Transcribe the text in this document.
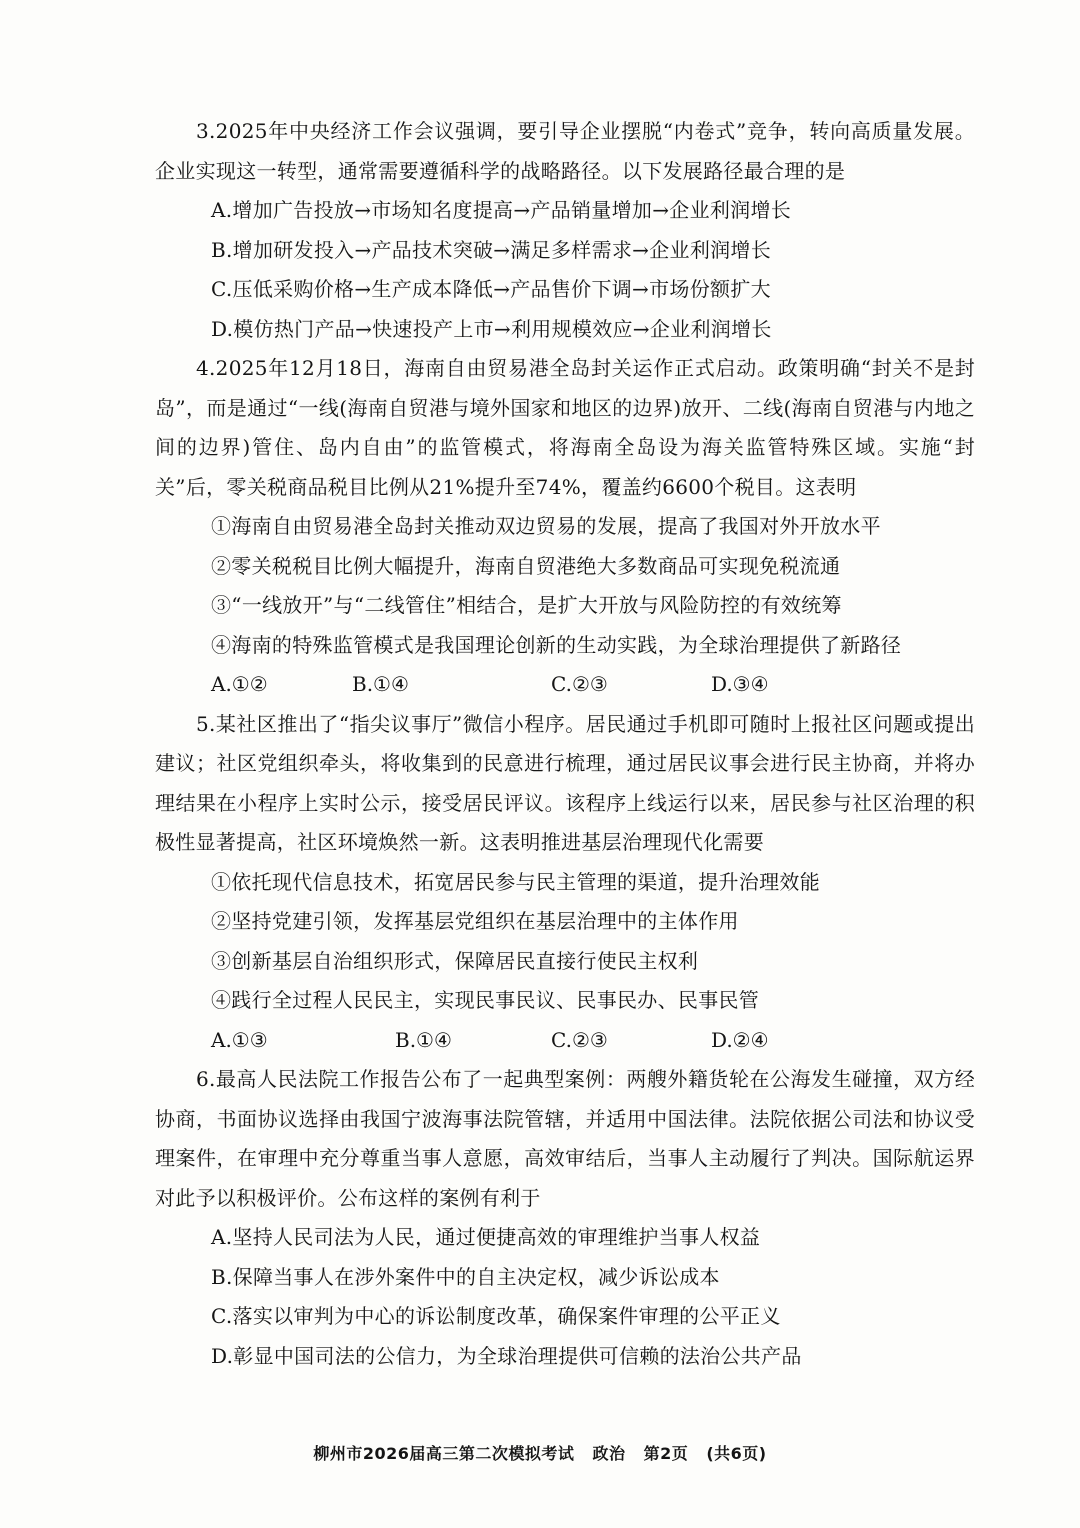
3.2025年中央经济工作会议强调，要引导企业摆脱“内卷式”竞争，转向高质量发展。企业实现这一转型，通常需要遵循科学的战略路径。以下发展路径最合理的是

A.增加广告投放→市场知名度提高→产品销量增加→企业利润增长

B.增加研发投入→产品技术突破→满足多样需求→企业利润增长

C.压低采购价格→生产成本降低→产品售价下调→市场份额扩大

D.模仿热门产品→快速投产上市→利用规模效应→企业利润增长

4.2025年12月18日，海南自由贸易港全岛封关运作正式启动。政策明确“封关不是封岛”，而是通过“一线(海南自贸港与境外国家和地区的边界)放开、二线(海南自贸港与内地之间的边界)管住、岛内自由”的监管模式，将海南全岛设为海关监管特殊区域。实施“封关”后，零关税商品税目比例从21%提升至74%，覆盖约6600个税目。这表明

①海南自由贸易港全岛封关推动双边贸易的发展，提高了我国对外开放水平

②零关税税目比例大幅提升，海南自贸港绝大多数商品可实现免税流通

③“一线放开”与“二线管住”相结合，是扩大开放与风险防控的有效统筹

④海南的特殊监管模式是我国理论创新的生动实践，为全球治理提供了新路径

A.①②	B.①④	C.②③	D.③④

5.某社区推出了“指尖议事厅”微信小程序。居民通过手机即可随时上报社区问题或提出建议；社区党组织牵头，将收集到的民意进行梳理，通过居民议事会进行民主协商，并将办理结果在小程序上实时公示，接受居民评议。该程序上线运行以来，居民参与社区治理的积极性显著提高，社区环境焕然一新。这表明推进基层治理现代化需要

①依托现代信息技术，拓宽居民参与民主管理的渠道，提升治理效能

②坚持党建引领，发挥基层党组织在基层治理中的主体作用

③创新基层自治组织形式，保障居民直接行使民主权利

④践行全过程人民民主，实现民事民议、民事民办、民事民管

A.①③	B.①④	C.②③	D.②④

6.最高人民法院工作报告公布了一起典型案例：两艘外籍货轮在公海发生碰撞，双方经协商，书面协议选择由我国宁波海事法院管辖，并适用中国法律。法院依据公司法和协议受理案件，在审理中充分尊重当事人意愿，高效审结后，当事人主动履行了判决。国际航运界对此予以积极评价。公布这样的案例有利于

A.坚持人民司法为人民，通过便捷高效的审理维护当事人权益

B.保障当事人在涉外案件中的自主决定权，减少诉讼成本

C.落实以审判为中心的诉讼制度改革，确保案件审理的公平正义

D.彰显中国司法的公信力，为全球治理提供可信赖的法治公共产品

柳州市2026届高三第二次模拟考试 政治 第2页 (共6页)
